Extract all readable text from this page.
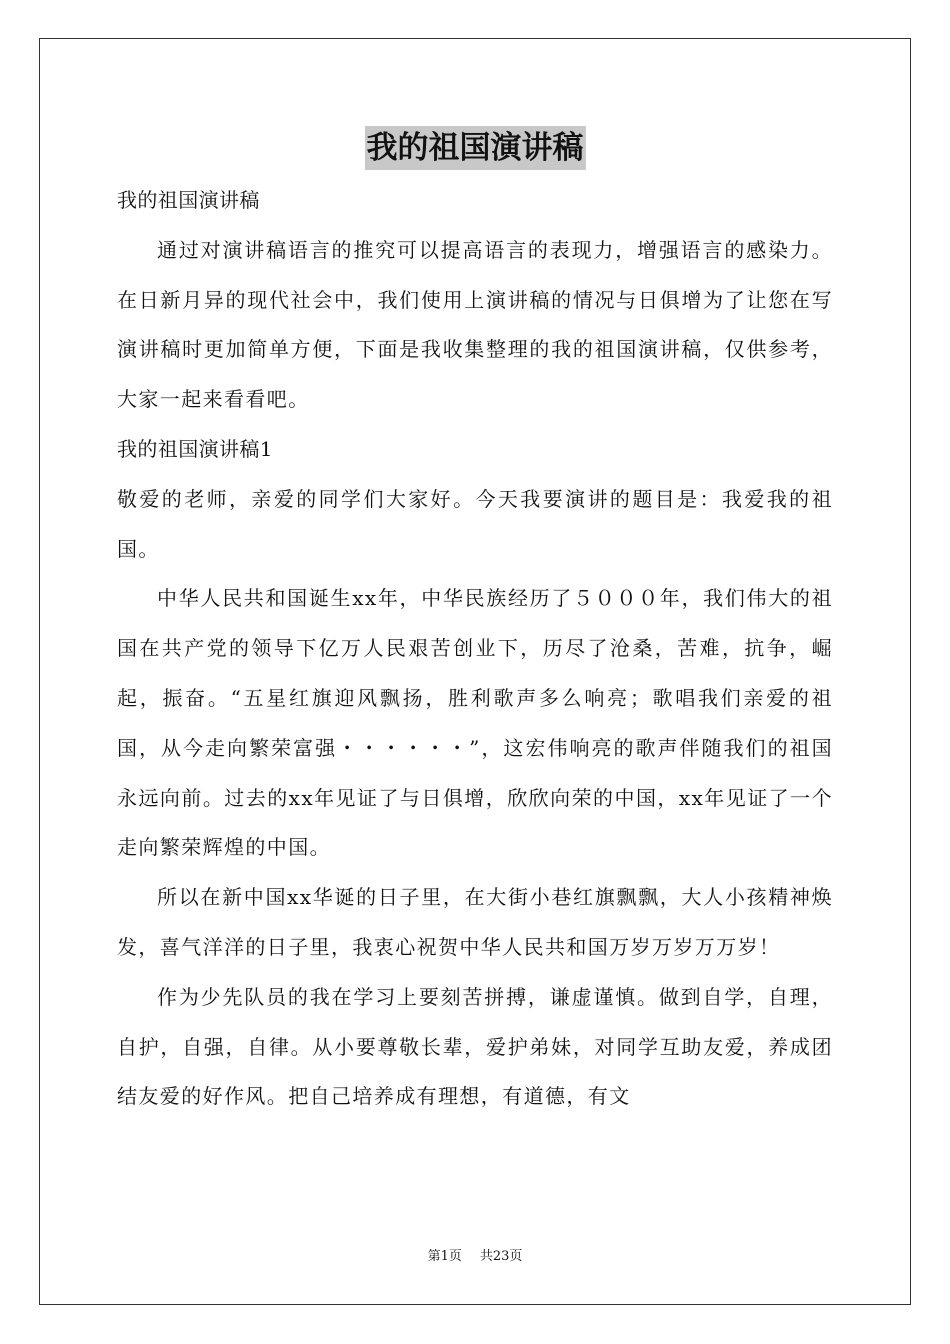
我的祖国演讲稿

我的祖国演讲稿

通过对演讲稿语言的推究可以提高语言的表现力，增强语言的感染力。在日新月异的现代社会中，我们使用上演讲稿的情况与日俱增为了让您在写演讲稿时更加简单方便，下面是我收集整理的我的祖国演讲稿，仅供参考，大家一起来看看吧。

我的祖国演讲稿1

敬爱的老师，亲爱的同学们大家好。今天我要演讲的题目是：我爱我的祖国。

中华人民共和国诞生xx年，中华民族经历了５０００年，我们伟大的祖国在共产党的领导下亿万人民艰苦创业下，历尽了沧桑，苦难，抗争，崛起，振奋。“五星红旗迎风飘扬，胜利歌声多么响亮；歌唱我们亲爱的祖国，从今走向繁荣富强・・・・・・”，这宏伟响亮的歌声伴随我们的祖国永远向前。过去的xx年见证了与日俱增，欣欣向荣的中国，xx年见证了一个走向繁荣辉煌的中国。

所以在新中国xx华诞的日子里，在大街小巷红旗飘飘，大人小孩精神焕发，喜气洋洋的日子里，我衷心祝贺中华人民共和国万岁万岁万万岁！

作为少先队员的我在学习上要刻苦拼搏，谦虚谨慎。做到自学，自理，自护，自强，自律。从小要尊敬长辈，爱护弟妹，对同学互助友爱，养成团结友爱的好作风。把自己培养成有理想，有道德，有文

第1页 共23页
